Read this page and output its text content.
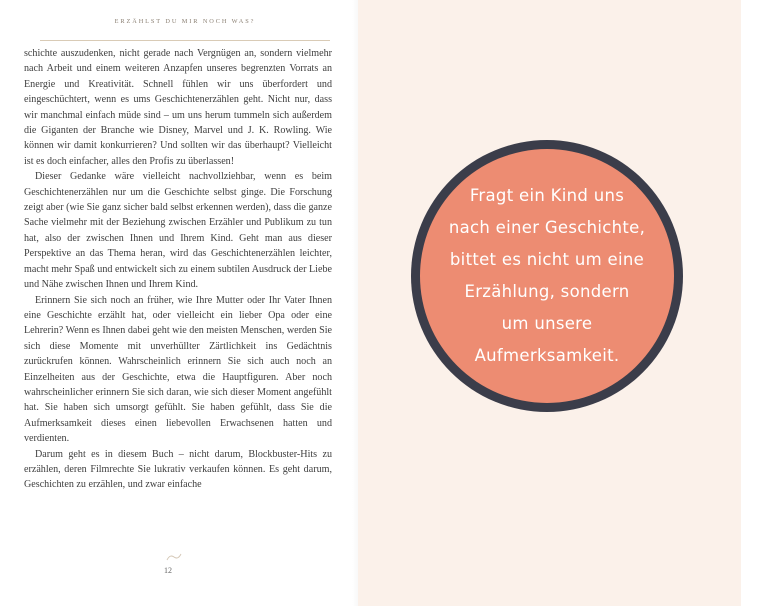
ERZÄHLST DU MIR NOCH WAS?

schichte auszudenken, nicht gerade nach Vergnügen an, sondern vielmehr nach Arbeit und einem weiteren Anzapfen unseres begrenzten Vorrats an Energie und Kreativität. Schnell fühlen wir uns überfordert und eingeschüchtert, wenn es ums Geschichtenerzählen geht. Nicht nur, dass wir manchmal einfach müde sind – um uns herum tummeln sich außerdem die Giganten der Branche wie Disney, Marvel und J. K. Rowling. Wie können wir damit konkurrieren? Und sollten wir das überhaupt? Vielleicht ist es doch einfacher, alles den Profis zu überlassen!

Dieser Gedanke wäre vielleicht nachvollziehbar, wenn es beim Geschichtenerzählen nur um die Geschichte selbst ginge. Die Forschung zeigt aber (wie Sie ganz sicher bald selbst erkennen werden), dass die ganze Sache vielmehr mit der Beziehung zwischen Erzähler und Publikum zu tun hat, also der zwischen Ihnen und Ihrem Kind. Geht man aus dieser Perspektive an das Thema heran, wird das Geschichtenerzählen leichter, macht mehr Spaß und entwickelt sich zu einem subtilen Ausdruck der Liebe und Nähe zwischen Ihnen und Ihrem Kind.

Erinnern Sie sich noch an früher, wie Ihre Mutter oder Ihr Vater Ihnen eine Geschichte erzählt hat, oder vielleicht ein lieber Opa oder eine Lehrerin? Wenn es Ihnen dabei geht wie den meisten Menschen, werden Sie sich diese Momente mit unverhüllter Zärtlichkeit ins Gedächtnis zurückrufen können. Wahrscheinlich erinnern Sie sich auch noch an Einzelheiten aus der Geschichte, etwa die Hauptfiguren. Aber noch wahrscheinlicher erinnern Sie sich daran, wie sich dieser Moment angefühlt hat. Sie haben sich umsorgt gefühlt. Sie haben gefühlt, dass Sie die Aufmerksamkeit dieses einen liebevollen Erwachsenen hatten und verdienten.

Darum geht es in diesem Buch – nicht darum, Blockbuster-Hits zu erzählen, deren Filmrechte Sie lukrativ verkaufen können. Es geht darum, Geschichten zu erzählen, und zwar einfache

12
Fragt ein Kind uns
nach einer Geschichte,
bittet es nicht um eine
Erzählung, sondern
um unsere
Aufmerksamkeit.
